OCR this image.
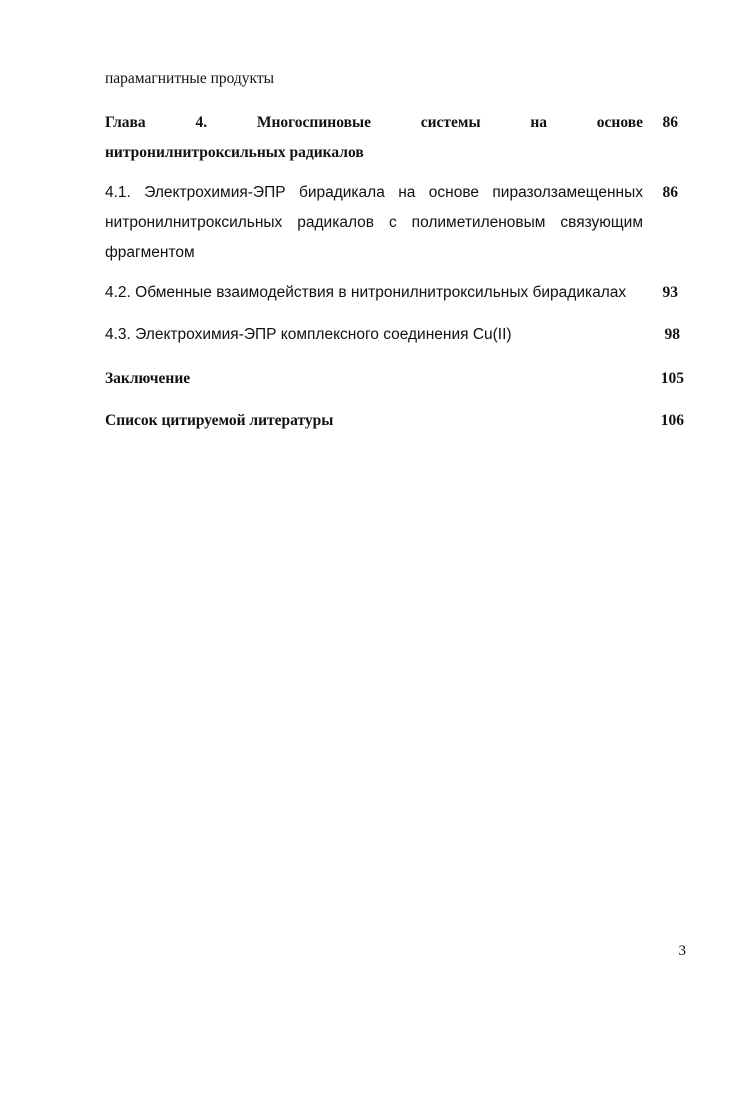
парамагнитные продукты

Глава	4.	Многоспиновые	системы	на	основе
нитронилнитроксильных радикалов
86
4.1. Электрохимия-ЭПР бирадикала на основе пиразолзамещенных
нитронилнитроксильных радикалов с полиметиленовым связующим
фрагментом
86

4.2. Обменные взаимодействия в нитронилнитроксильных бирадикалах	93

4.3. Электрохимия-ЭПР комплексного соединения Cu(II)	98

Заключение	105

Список цитируемой литературы	106
3
